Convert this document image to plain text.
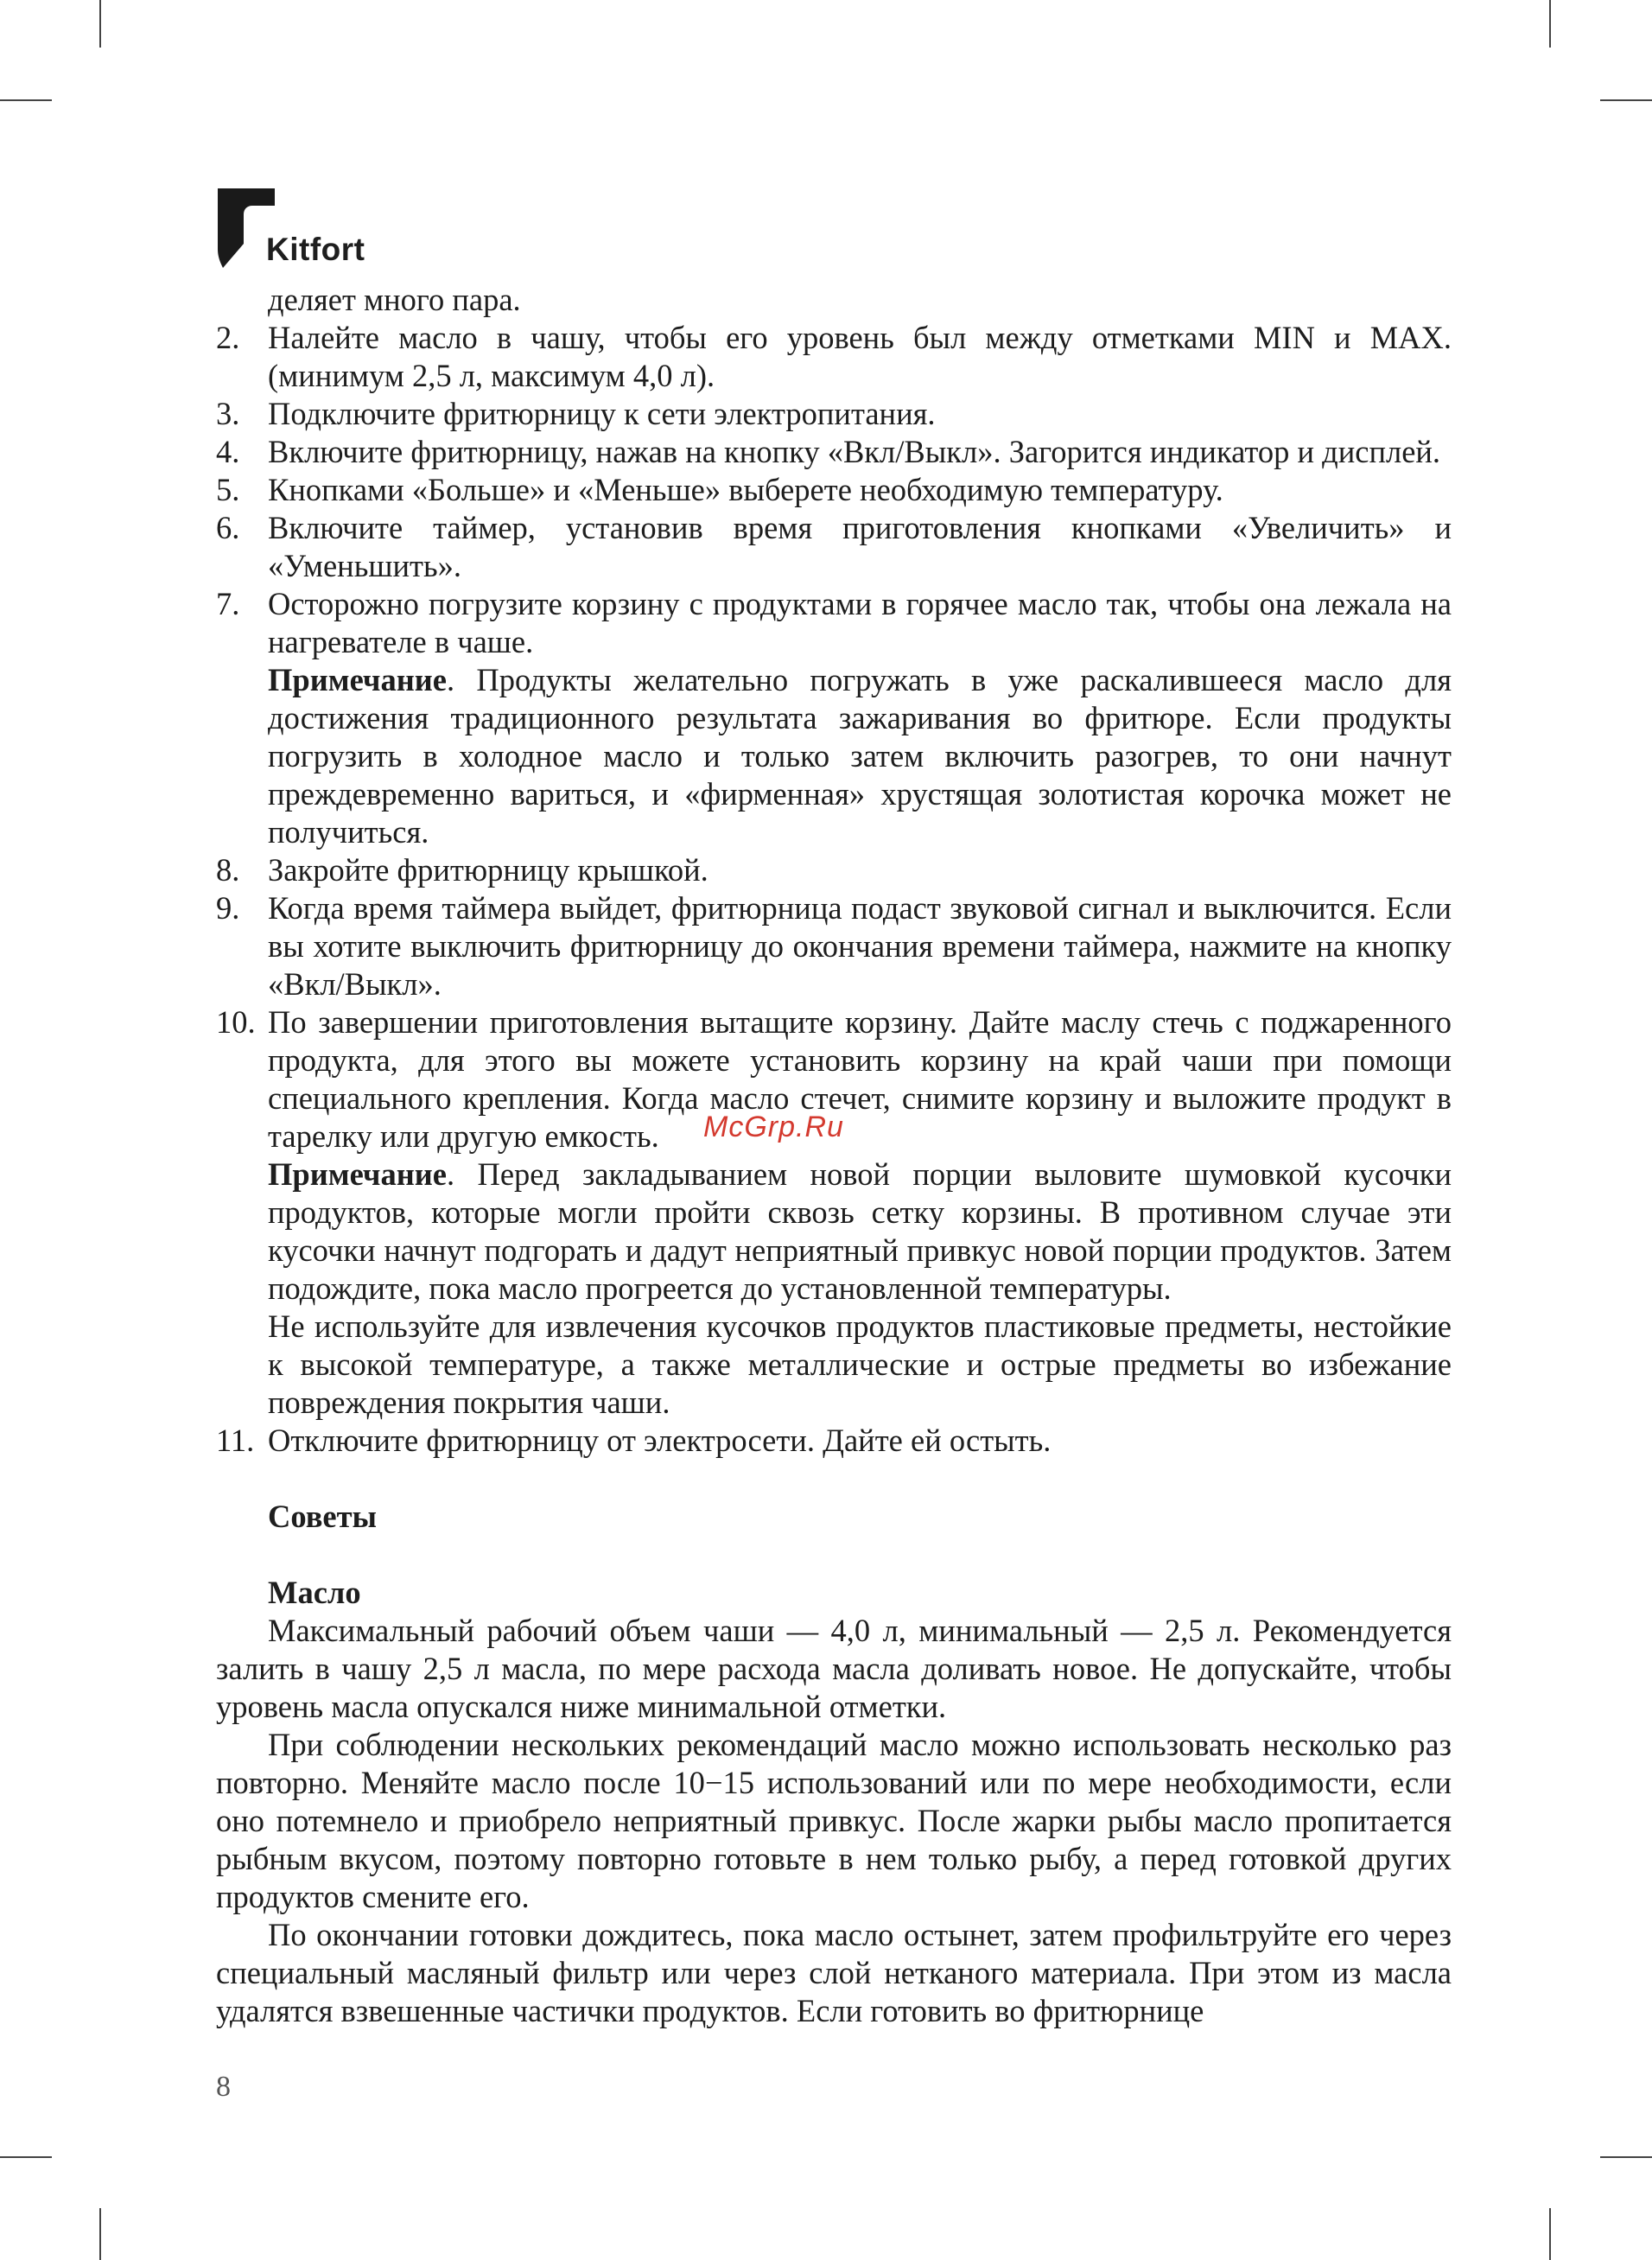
Kitfort

деляет много пара.

2. Налейте масло в чашу, чтобы его уровень был между отметками MIN и MAX. (минимум 2,5 л, максимум 4,0 л).

3. Подключите фритюрницу к сети электропитания.

4. Включите фритюрницу, нажав на кнопку «Вкл/Выкл». Загорится индикатор и дисплей.

5. Кнопками «Больше» и «Меньше» выберете необходимую температуру.

6. Включите таймер, установив время приготовления кнопками «Увеличить» и «Уменьшить».

7. Осторожно погрузите корзину с продуктами в горячее масло так, чтобы она лежала на нагревателе в чаше.

Примечание. Продукты желательно погружать в уже раскалившееся масло для достижения традиционного результата зажаривания во фритюре. Если продукты погрузить в холодное масло и только затем включить разогрев, то они начнут преждевременно вариться, и «фирменная» хрустящая золотистая корочка может не получиться.

8. Закройте фритюрницу крышкой.

9. Когда время таймера выйдет, фритюрница подаст звуковой сигнал и выключится. Если вы хотите выключить фритюрницу до окончания времени таймера, нажмите на кнопку «Вкл/Выкл».

10. По завершении приготовления вытащите корзину. Дайте маслу стечь с поджаренного продукта, для этого вы можете установить корзину на край чаши при помощи специального крепления. Когда масло стечет, снимите корзину и выложите продукт в тарелку или другую емкость.

Примечание. Перед закладыванием новой порции выловите шумовкой кусочки продуктов, которые могли пройти сквозь сетку корзины. В противном случае эти кусочки начнут подгорать и дадут неприятный привкус новой порции продуктов. Затем подождите, пока масло прогреется до установленной температуры.

Не используйте для извлечения кусочков продуктов пластиковые предметы, нестойкие к высокой температуре, а также металлические и острые предметы во избежание повреждения покрытия чаши.

11. Отключите фритюрницу от электросети. Дайте ей остыть.

Советы
Масло

Максимальный рабочий объем чаши — 4,0 л, минимальный — 2,5 л. Рекомендуется залить в чашу 2,5 л масла, по мере расхода масла доливать новое. Не допускайте, чтобы уровень масла опускался ниже минимальной отметки.

При соблюдении нескольких рекомендаций масло можно использовать несколько раз повторно. Меняйте масло после 10−15 использований или по мере необходимости, если оно потемнело и приобрело неприятный привкус. После жарки рыбы масло пропитается рыбным вкусом, поэтому повторно готовьте в нем только рыбу, а перед готовкой других продуктов смените его.

По окончании готовки дождитесь, пока масло остынет, затем профильтруйте его через специальный масляный фильтр или через слой нетканого материала. При этом из масла удалятся взвешенные частички продуктов. Если готовить во фритюрнице

McGrp.Ru
8
